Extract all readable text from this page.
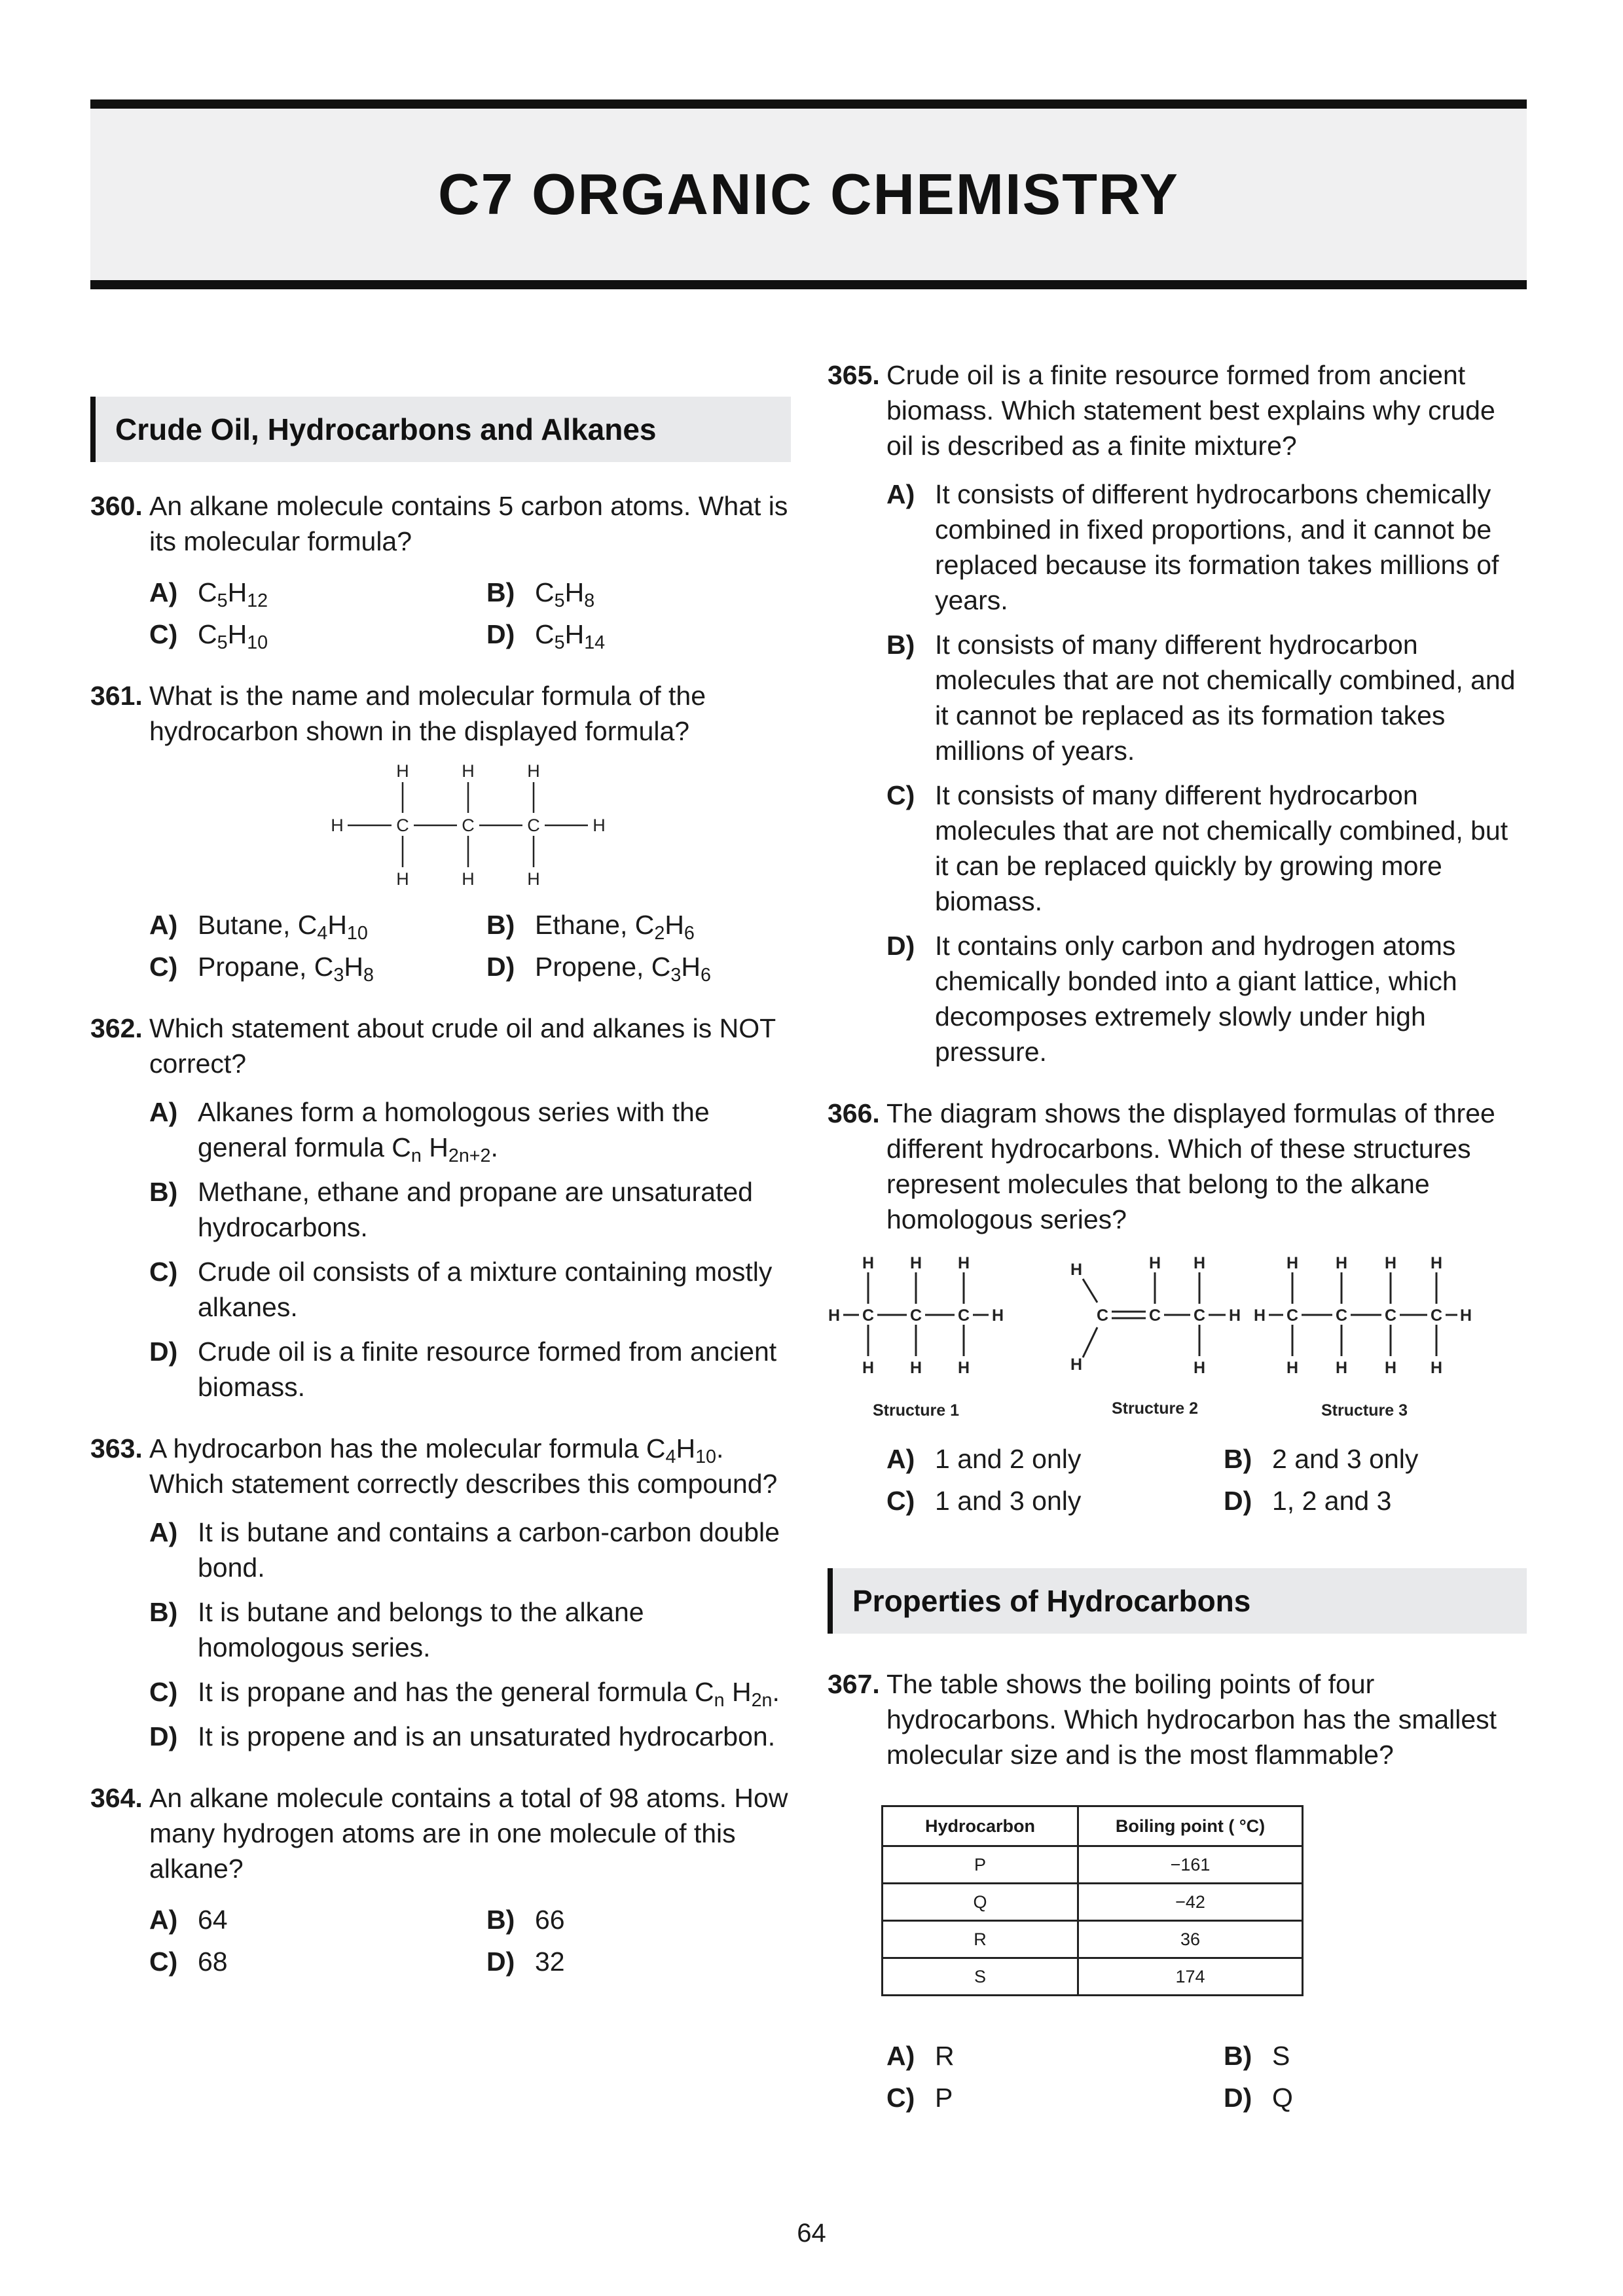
C7 ORGANIC CHEMISTRY
Crude Oil, Hydrocarbons and Alkanes
360. An alkane molecule contains 5 carbon atoms. What is its molecular formula?
A) $C_5H_{12}$	B) $C_5H_8$
C) $C_5H_{10}$	D) $C_5H_{14}$
361. What is the name and molecular formula of the hydrocarbon shown in the displayed formula?
H	H	H
H	C	C	C	H
H	H	H
A) Butane, $C_4H_{10}$	B) Ethane, $C_2H_6$
C) Propane, $C_3H_8$	D) Propene, $C_3H_6$
362. Which statement about crude oil and alkanes is NOT correct?
A) Alkanes form a homologous series with the general formula $C_n$ $H_{2n+2}$.
B) Methane, ethane and propane are unsaturated hydrocarbons.
C) Crude oil consists of a mixture containing mostly alkanes.
D) Crude oil is a finite resource formed from ancient biomass.
363. A hydrocarbon has the molecular formula $C_4H_{10}$. Which statement correctly describes this compound?
A) It is butane and contains a carbon-carbon double bond.
B) It is butane and belongs to the alkane homologous series.
C) It is propane and has the general formula $C_n$ $H_{2n}$.
D) It is propene and is an unsaturated hydrocarbon.
364. An alkane molecule contains a total of 98 atoms. How many hydrogen atoms are in one molecule of this alkane?
A) 64	B) 66
C) 68	D) 32
365. Crude oil is a finite resource formed from ancient biomass. Which statement best explains why crude oil is described as a finite mixture?
A) It consists of different hydrocarbons chemically combined in fixed proportions, and it cannot be replaced because its formation takes millions of years.
B) It consists of many different hydrocarbon molecules that are not chemically combined, and it cannot be replaced as its formation takes millions of years.
C) It consists of many different hydrocarbon molecules that are not chemically combined, but it can be replaced quickly by growing more biomass.
D) It contains only carbon and hydrogen atoms chemically bonded into a giant lattice, which decomposes extremely slowly under high pressure.
366. The diagram shows the displayed formulas of three different hydrocarbons. Which of these structures represent molecules that belong to the alkane homologous series?
H H H
H C C C H
H H H
H
H
C C C H
H H
H
H C C C C H
H H H H
H H H H
Structure 1	Structure 2	Structure 3
A) 1 and 2 only	B) 2 and 3 only
C) 1 and 3 only	D) 1, 2 and 3
Properties of Hydrocarbons
367. The table shows the boiling points of four hydrocarbons. Which hydrocarbon has the smallest molecular size and is the most flammable?
Hydrocarbon	Boiling point ( °C)
P	−161
Q	−42
R	36
S	174
A) R	B) S
C) P	D) Q
64
